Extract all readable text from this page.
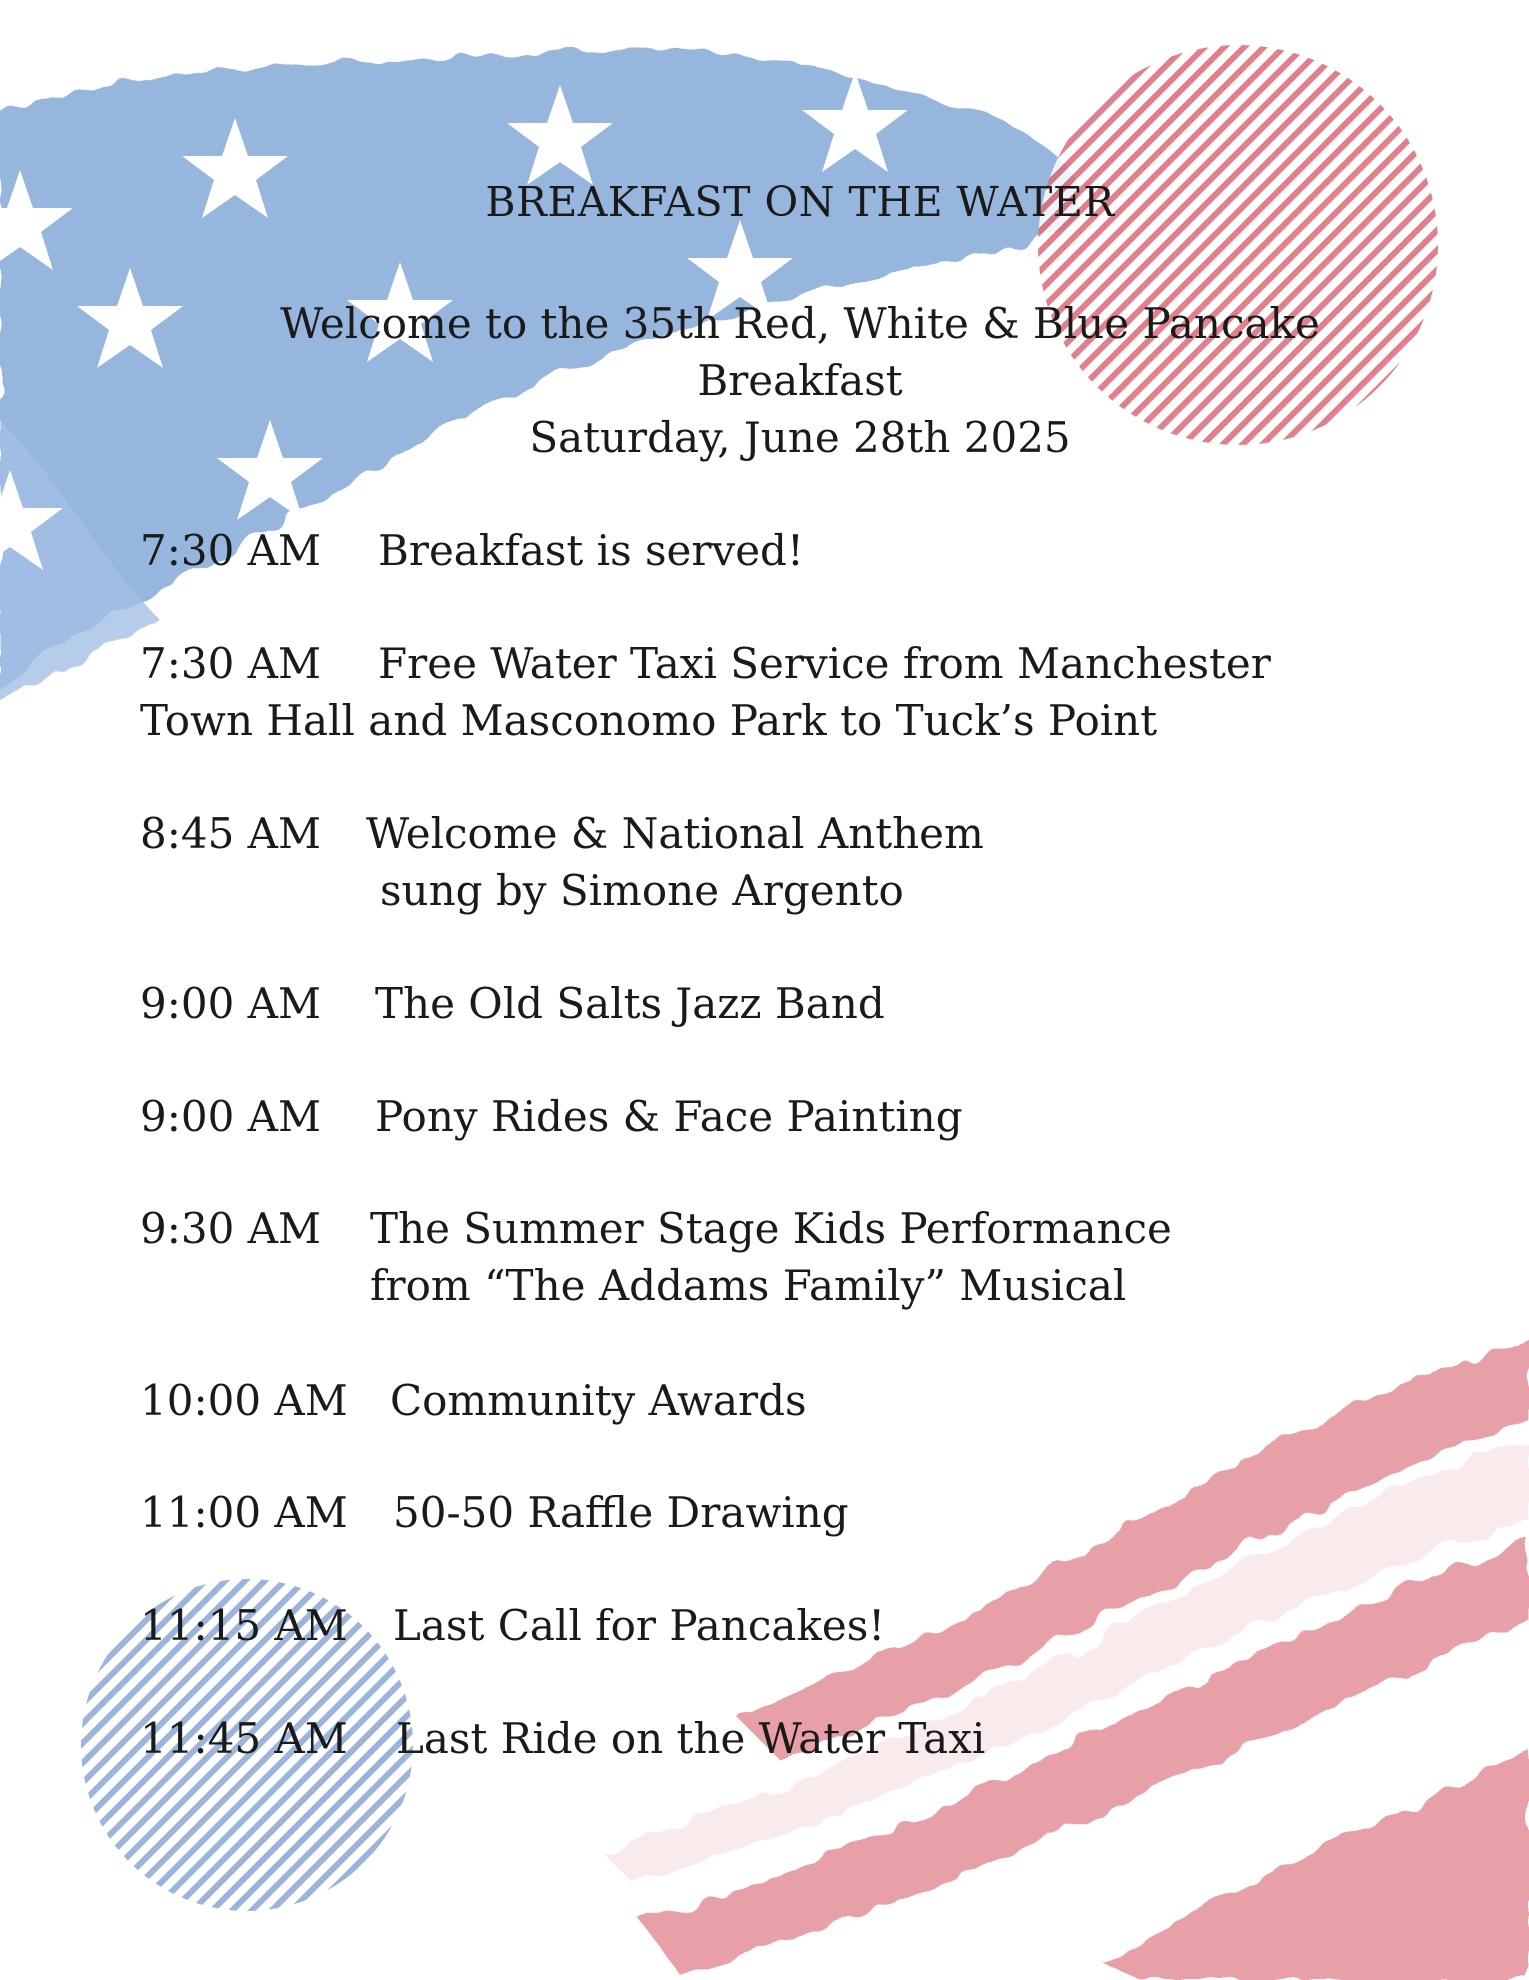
BREAKFAST ON THE WATER
Welcome to the 35th Red, White & Blue Pancake
Breakfast
Saturday, June 28th 2025
7:30 AM Breakfast is served!
7:30 AM Free Water Taxi Service from Manchester
Town Hall and Masconomo Park to Tuck’s Point
8:45 AM Welcome & National Anthem
sung by Simone Argento
9:00 AM The Old Salts Jazz Band
9:00 AM Pony Rides & Face Painting
9:30 AM The Summer Stage Kids Performance
from “The Addams Family” Musical
10:00 AM Community Awards
11:00 AM 50-50 Raffle Drawing
11:15 AM Last Call for Pancakes!
11:45 AM Last Ride on the Water Taxi
